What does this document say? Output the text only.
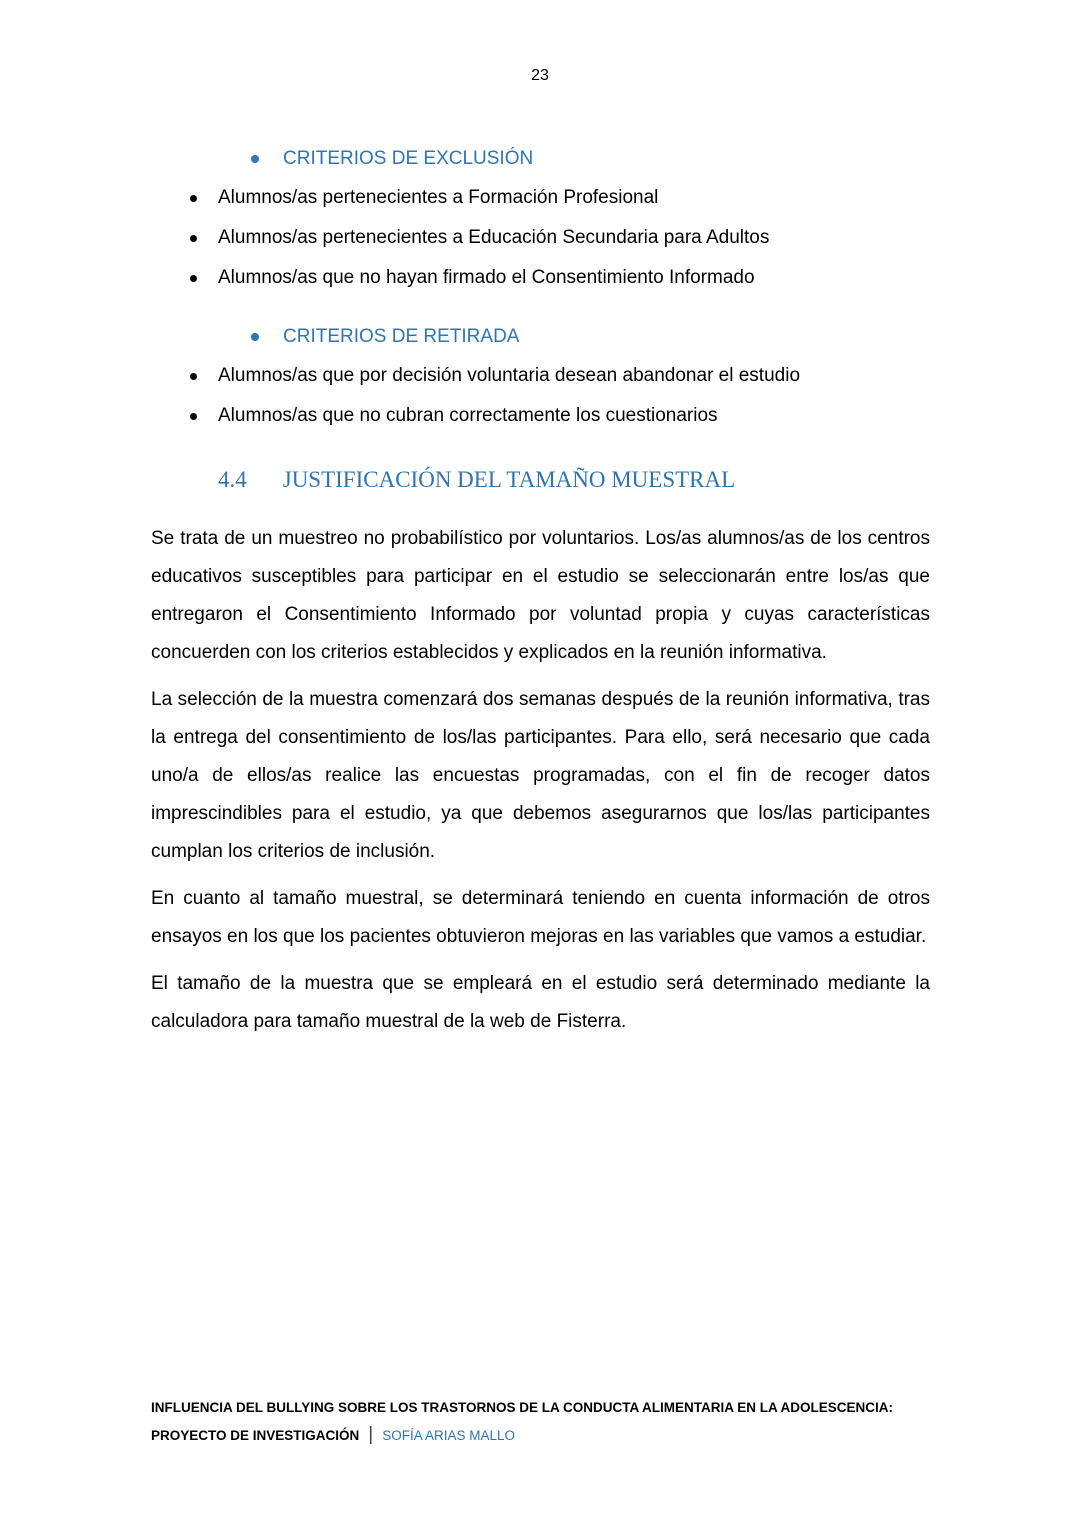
23
CRITERIOS DE EXCLUSIÓN
Alumnos/as pertenecientes a Formación Profesional
Alumnos/as pertenecientes a Educación Secundaria para Adultos
Alumnos/as que no hayan firmado el Consentimiento Informado
CRITERIOS DE RETIRADA
Alumnos/as que por decisión voluntaria desean abandonar el estudio
Alumnos/as que no cubran correctamente los cuestionarios
4.4 JUSTIFICACIÓN DEL TAMAÑO MUESTRAL

Se trata de un muestreo no probabilístico por voluntarios. Los/as alumnos/as de los centros educativos susceptibles para participar en el estudio se seleccionarán entre los/as que entregaron el Consentimiento Informado por voluntad propia y cuyas características concuerden con los criterios establecidos y explicados en la reunión informativa.

La selección de la muestra comenzará dos semanas después de la reunión informativa, tras la entrega del consentimiento de los/las participantes. Para ello, será necesario que cada uno/a de ellos/as realice las encuestas programadas, con el fin de recoger datos imprescindibles para el estudio, ya que debemos asegurarnos que los/las participantes cumplan los criterios de inclusión.

En cuanto al tamaño muestral, se determinará teniendo en cuenta información de otros ensayos en los que los pacientes obtuvieron mejoras en las variables que vamos a estudiar.

El tamaño de la muestra que se empleará en el estudio será determinado mediante la calculadora para tamaño muestral de la web de Fisterra.

INFLUENCIA DEL BULLYING SOBRE LOS TRASTORNOS DE LA CONDUCTA ALIMENTARIA EN LA ADOLESCENCIA:
PROYECTO DE INVESTIGACIÓN | SOFÍA ARIAS MALLO
